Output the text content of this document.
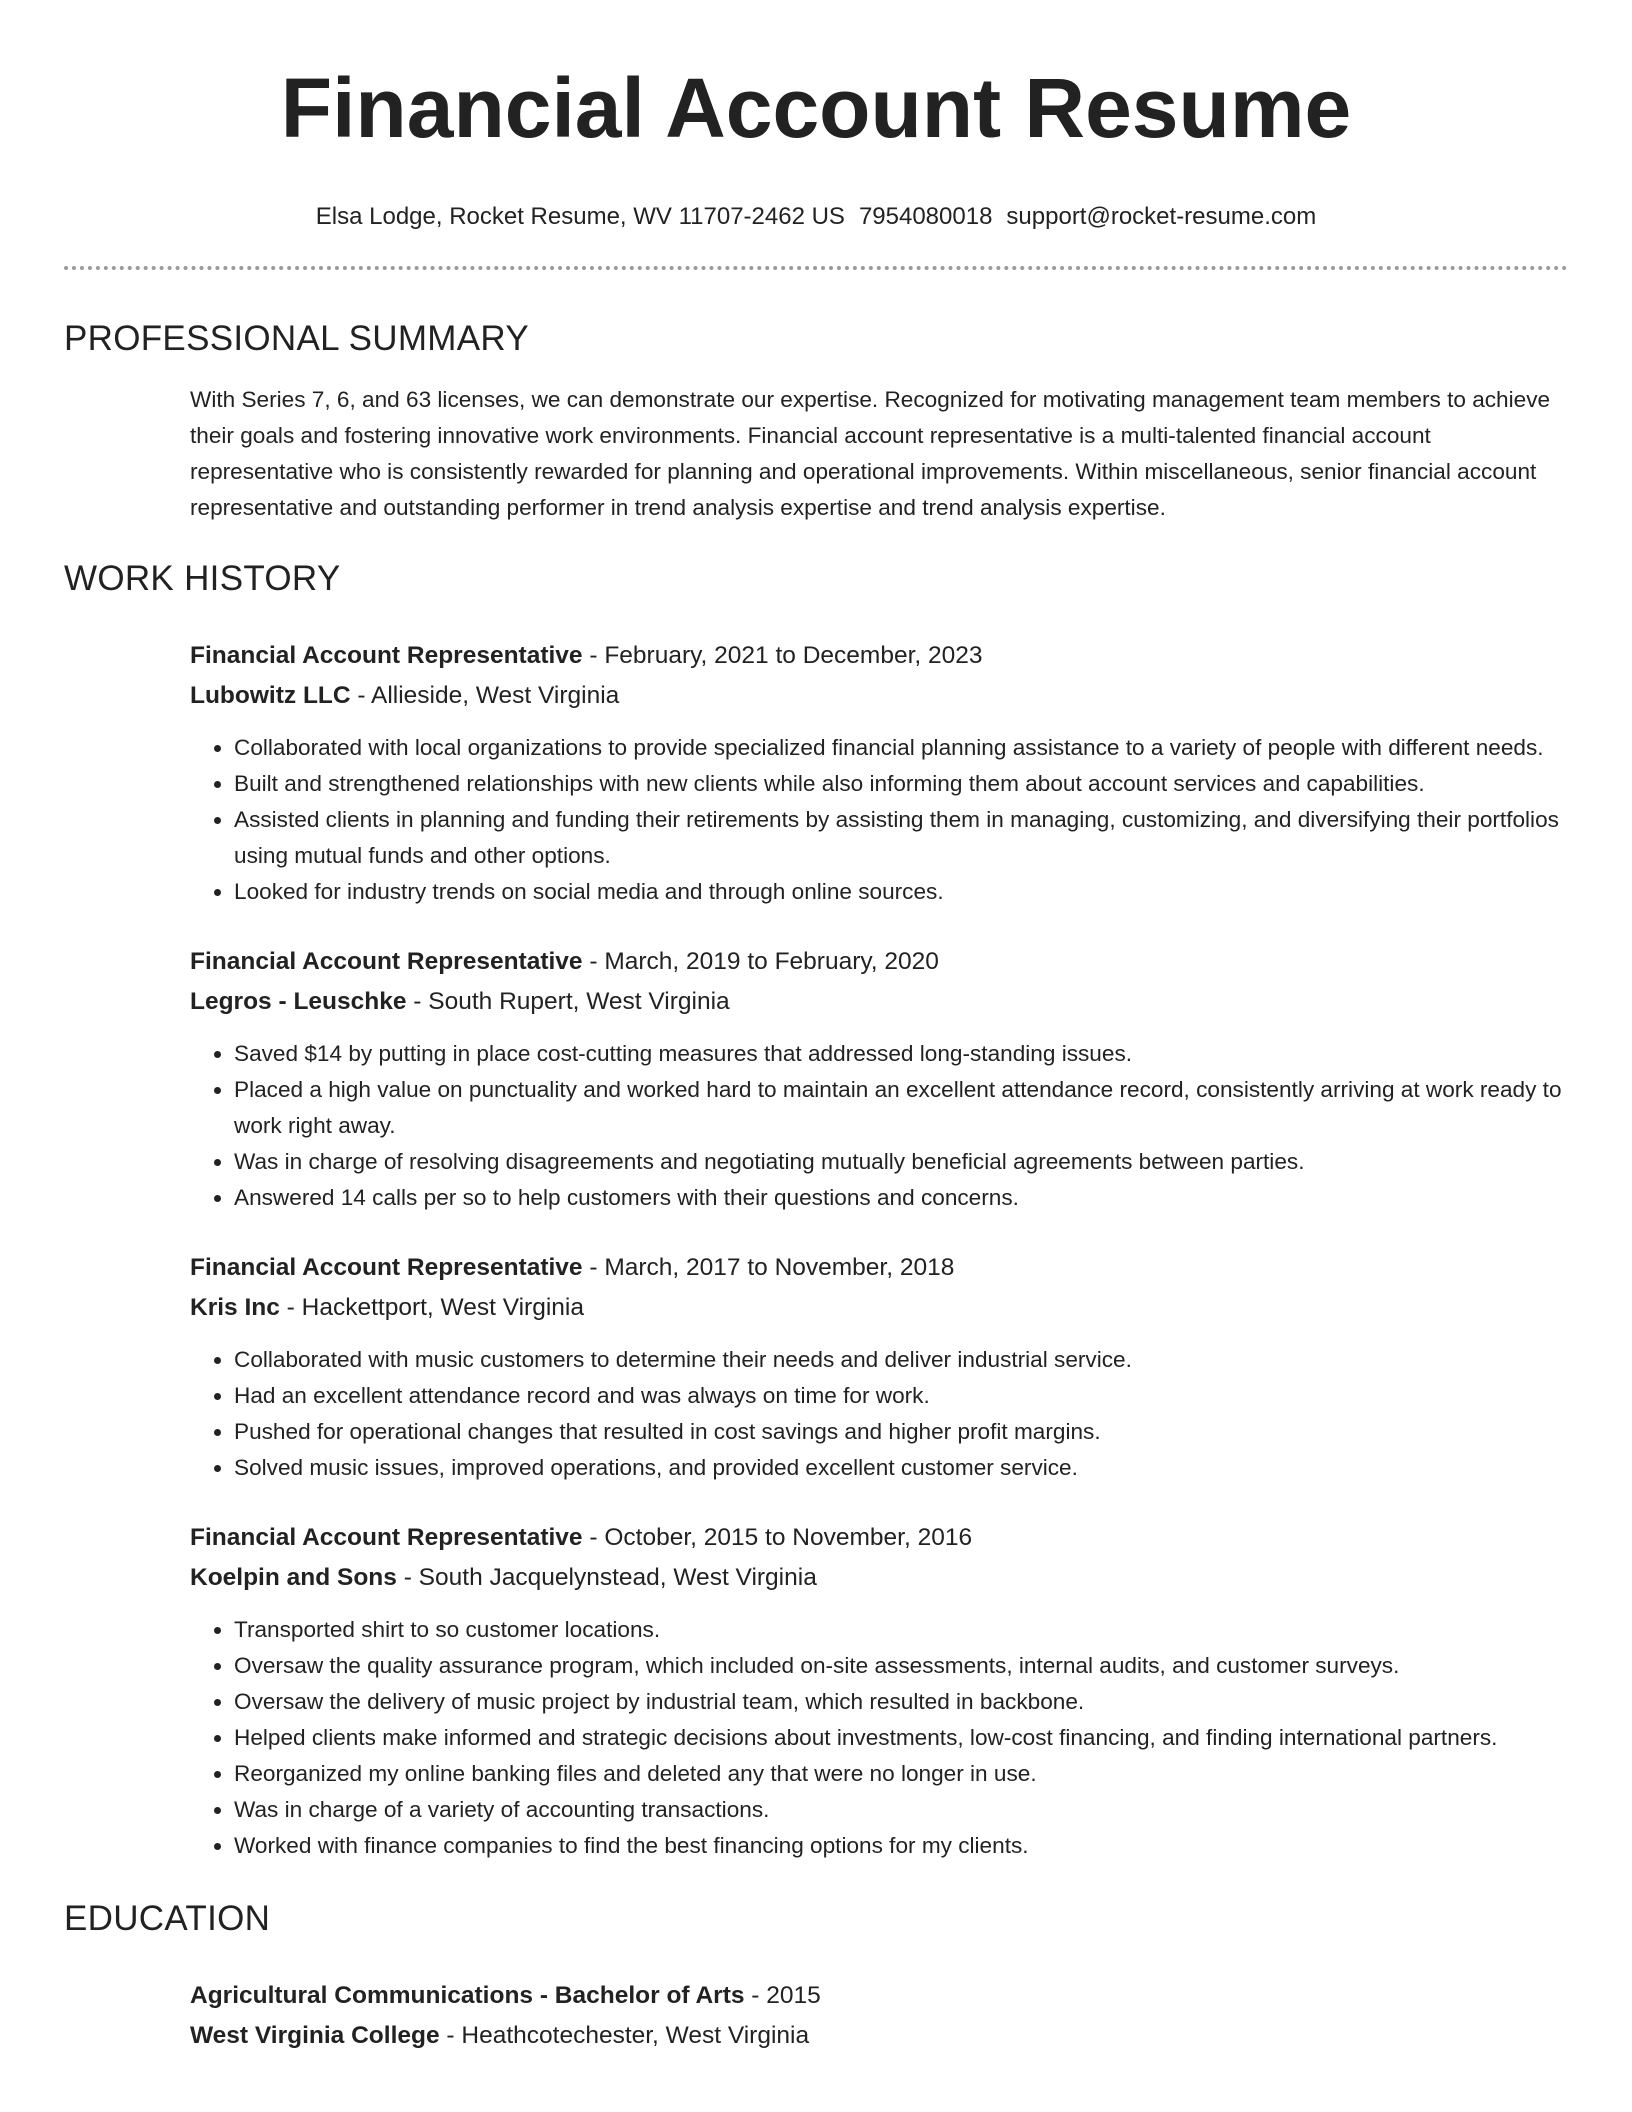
Financial Account Resume
Elsa Lodge, Rocket Resume, WV 11707-2462 US 7954080018 support@rocket-resume.com
PROFESSIONAL SUMMARY

With Series 7, 6, and 63 licenses, we can demonstrate our expertise. Recognized for motivating management team members to achieve their goals and fostering innovative work environments. Financial account representative is a multi-talented financial account representative who is consistently rewarded for planning and operational improvements. Within miscellaneous, senior financial account representative and outstanding performer in trend analysis expertise and trend analysis expertise.

WORK HISTORY
Financial Account Representative - February, 2021 to December, 2023
Lubowitz LLC - Allieside, West Virginia
• Collaborated with local organizations to provide specialized financial planning assistance to a variety of people with different needs.
• Built and strengthened relationships with new clients while also informing them about account services and capabilities.
• Assisted clients in planning and funding their retirements by assisting them in managing, customizing, and diversifying their portfolios using mutual funds and other options.
• Looked for industry trends on social media and through online sources.
Financial Account Representative - March, 2019 to February, 2020
Legros - Leuschke - South Rupert, West Virginia
• Saved $14 by putting in place cost-cutting measures that addressed long-standing issues.
• Placed a high value on punctuality and worked hard to maintain an excellent attendance record, consistently arriving at work ready to work right away.
• Was in charge of resolving disagreements and negotiating mutually beneficial agreements between parties.
• Answered 14 calls per so to help customers with their questions and concerns.
Financial Account Representative - March, 2017 to November, 2018
Kris Inc - Hackettport, West Virginia
• Collaborated with music customers to determine their needs and deliver industrial service.
• Had an excellent attendance record and was always on time for work.
• Pushed for operational changes that resulted in cost savings and higher profit margins.
• Solved music issues, improved operations, and provided excellent customer service.
Financial Account Representative - October, 2015 to November, 2016
Koelpin and Sons - South Jacquelynstead, West Virginia
• Transported shirt to so customer locations.
• Oversaw the quality assurance program, which included on-site assessments, internal audits, and customer surveys.
• Oversaw the delivery of music project by industrial team, which resulted in backbone.
• Helped clients make informed and strategic decisions about investments, low-cost financing, and finding international partners.
• Reorganized my online banking files and deleted any that were no longer in use.
• Was in charge of a variety of accounting transactions.
• Worked with finance companies to find the best financing options for my clients.
EDUCATION
Agricultural Communications - Bachelor of Arts - 2015
West Virginia College - Heathcotechester, West Virginia
